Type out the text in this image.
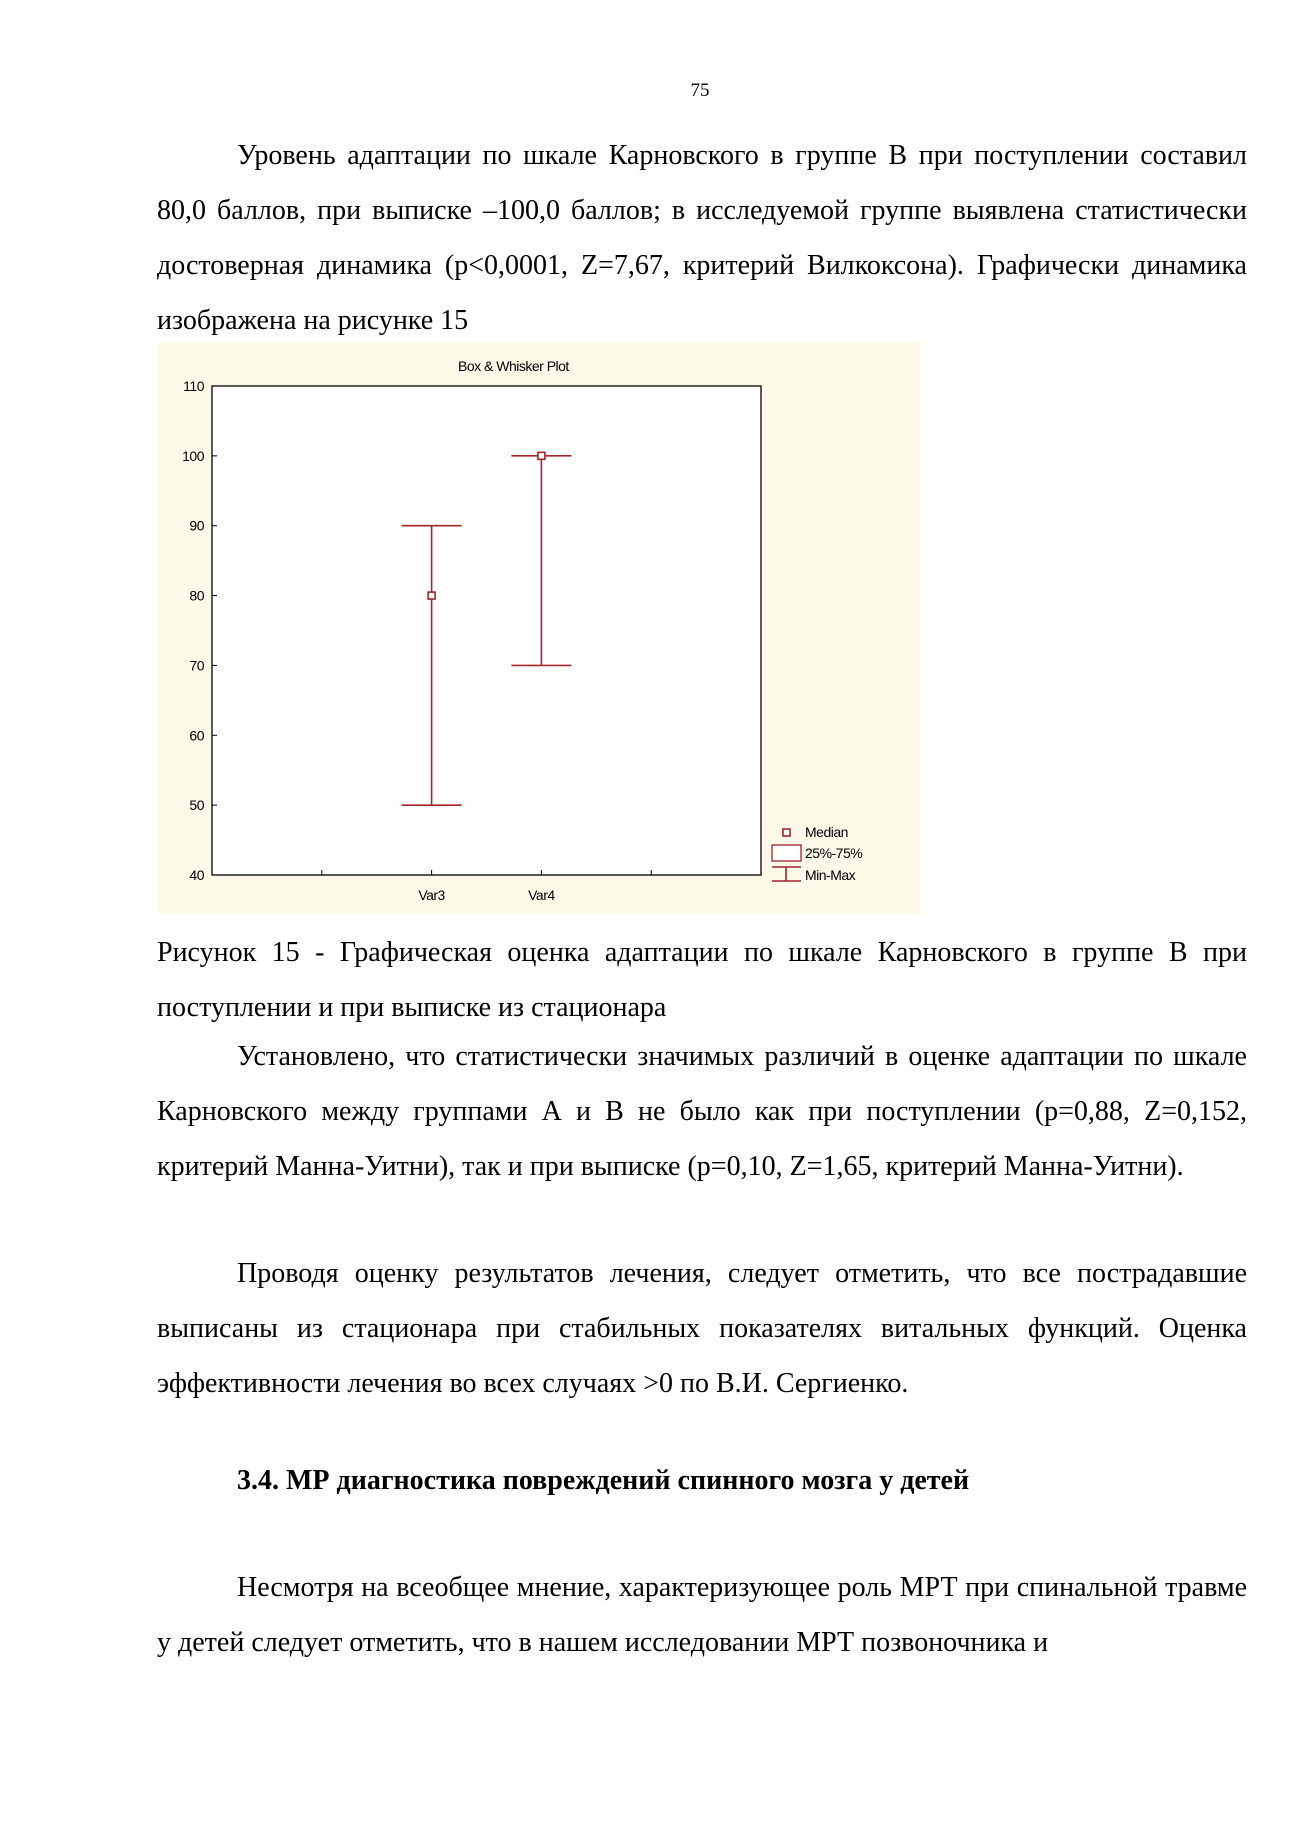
75

Уровень адаптации по шкале Карновского в группе В при поступлении составил 80,0 баллов, при выписке –100,0 баллов; в исследуемой группе выявлена статистически достоверная динамика (p<0,0001, Z=7,67, критерий Вилкоксона). Графически динамика изображена на рисунке 15

Box & Whisker Plot
110
100
90
80
70
60
50
40
Var3	Var4
Median
25%-75%
Min-Max

Рисунок 15 - Графическая оценка адаптации по шкале Карновского в группе В при поступлении и при выписке из стационара

Установлено, что статистически значимых различий в оценке адаптации по шкале Карновского между группами А и В не было как при поступлении (p=0,88, Z=0,152, критерий Манна-Уитни), так и при выписке (p=0,10, Z=1,65, критерий Манна-Уитни).

Проводя оценку результатов лечения, следует отметить, что все пострадавшие выписаны из стационара при стабильных показателях витальных функций. Оценка эффективности лечения во всех случаях >0 по В.И. Сергиенко.

3.4. МР диагностика повреждений спинного мозга у детей

Несмотря на всеобщее мнение, характеризующее роль МРТ при спинальной травме у детей следует отметить, что в нашем исследовании МРТ позвоночника и
